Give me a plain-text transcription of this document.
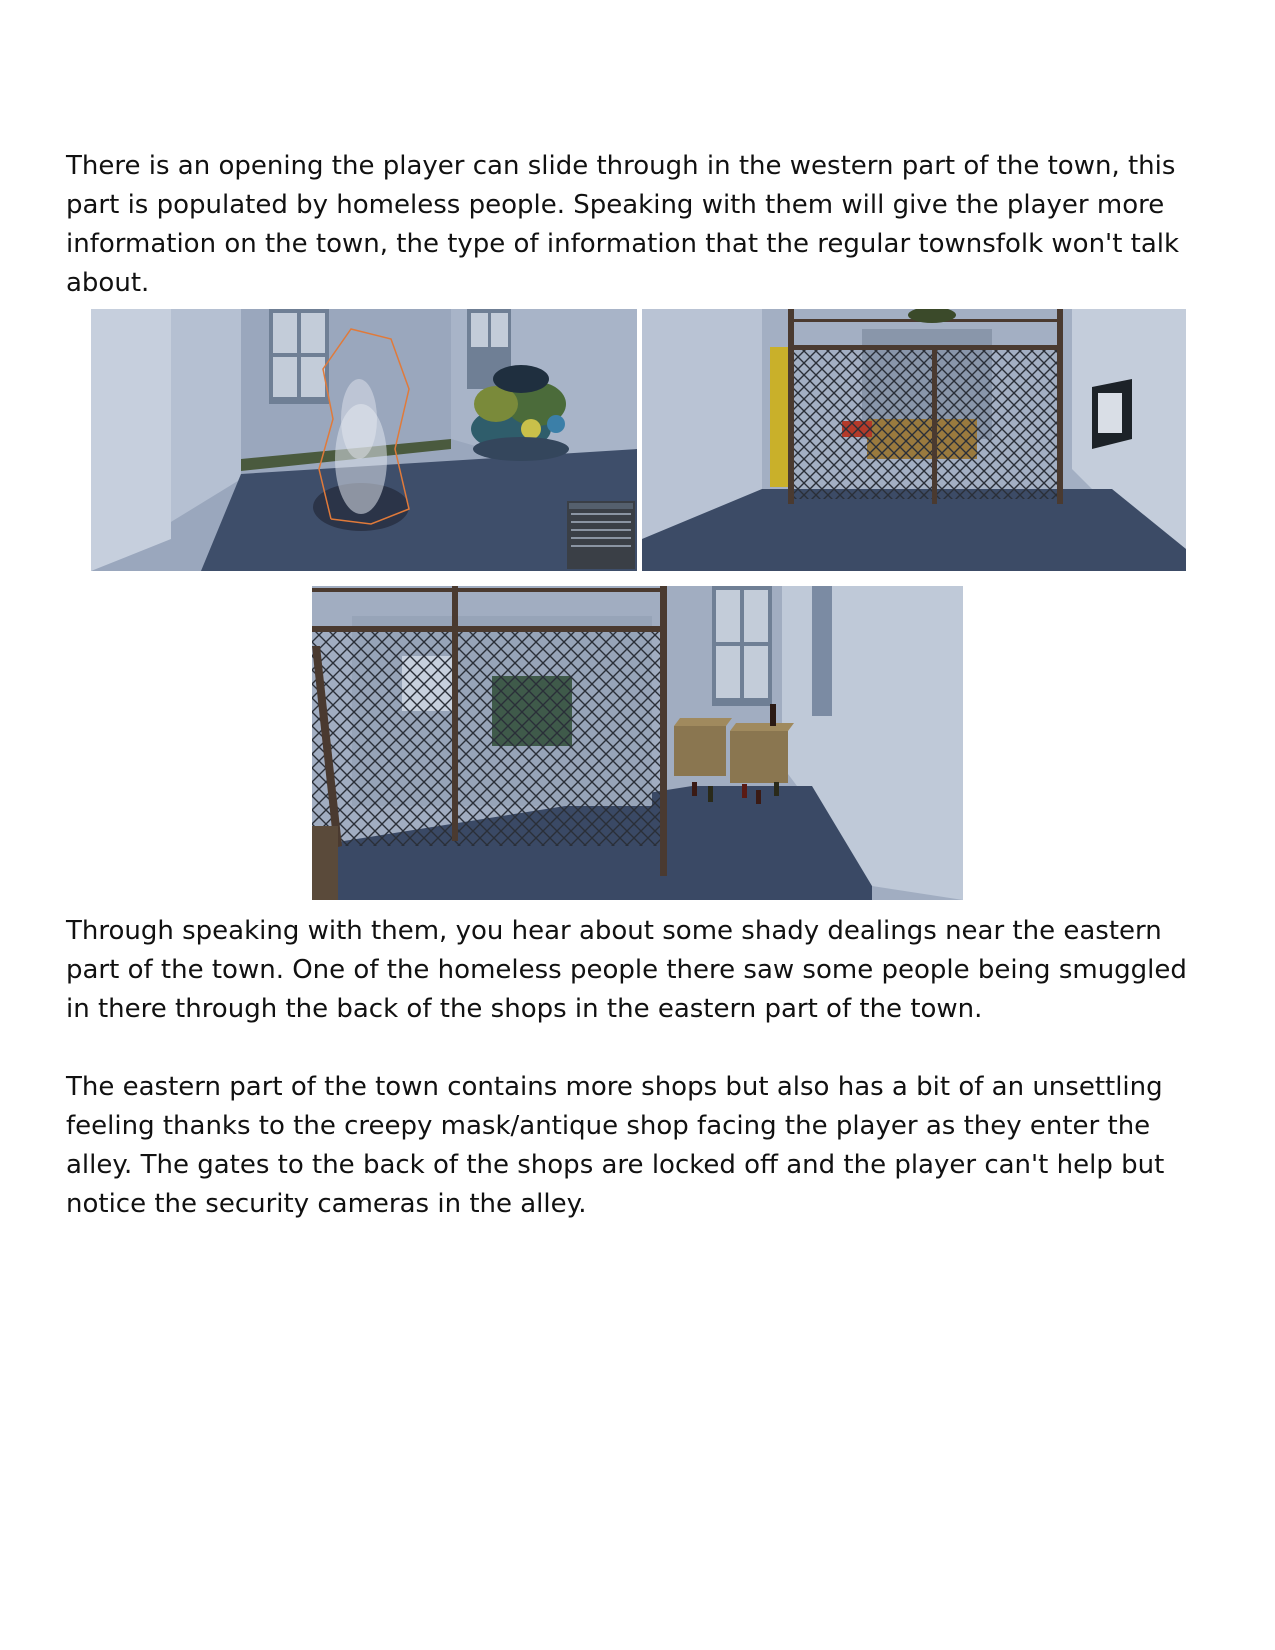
There is an opening the player can slide through in the western part of the town, this part is populated by homeless people. Speaking with them will give the player more information on the town, the type of information that the regular townsfolk won't talk about.

Through speaking with them, you hear about some shady dealings near the eastern part of the town. One of the homeless people there saw some people being smuggled in there through the back of the shops in the eastern part of the town.

The eastern part of the town contains more shops but also has a bit of an unsettling feeling thanks to the creepy mask/antique shop facing the player as they enter the alley. The gates to the back of the shops are locked off and the player can't help but notice the security cameras in the alley.
